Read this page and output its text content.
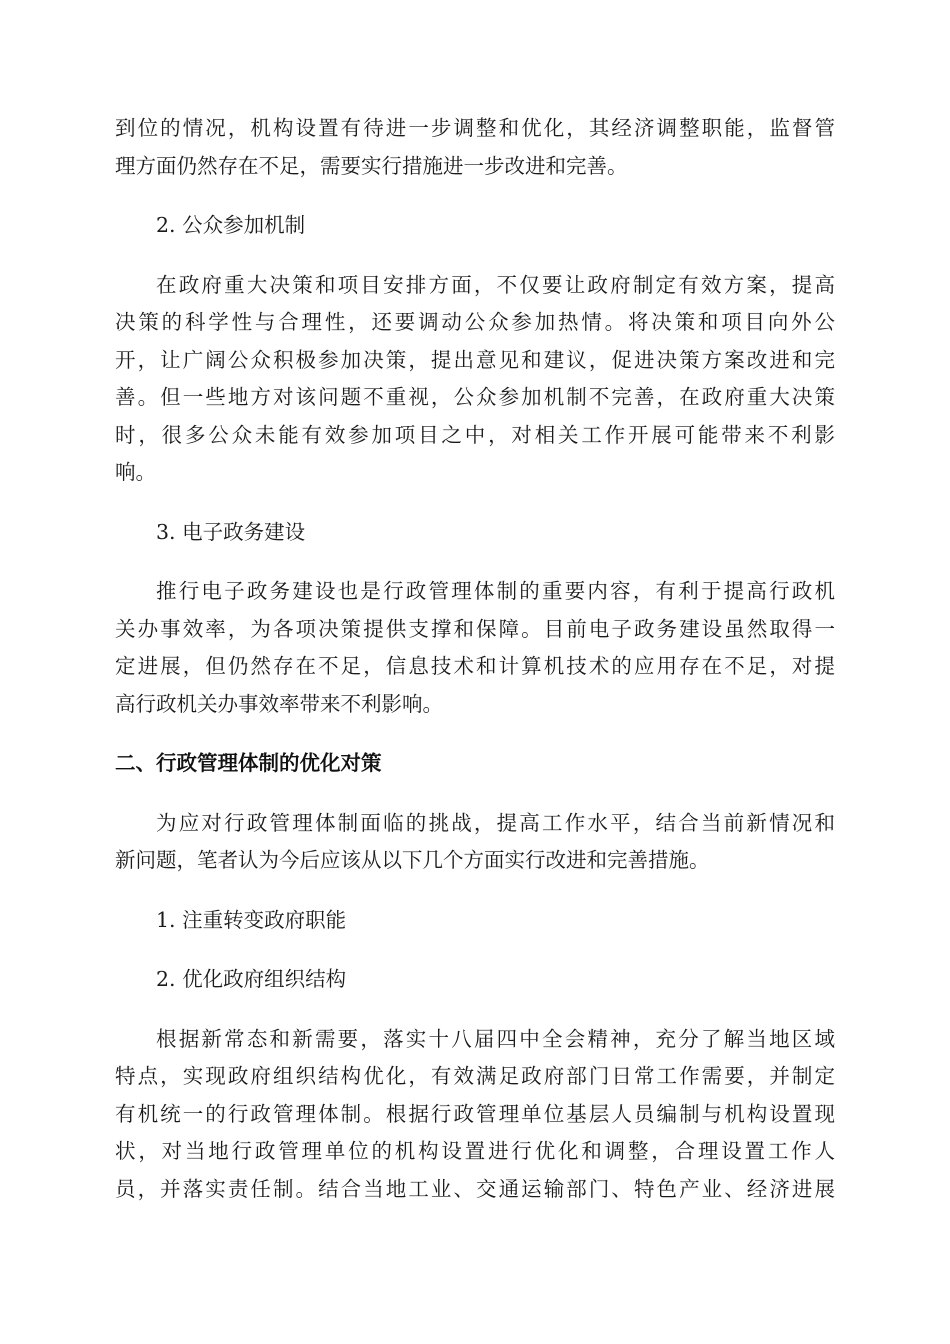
到位的情况，机构设置有待进一步调整和优化，其经济调整职能，监督管
理方面仍然存在不足，需要实行措施进一步改进和完善。

2. 公众参加机制

在政府重大决策和项目安排方面，不仅要让政府制定有效方案，提高
决策的科学性与合理性，还要调动公众参加热情。将决策和项目向外公
开，让广阔公众积极参加决策，提出意见和建议，促进决策方案改进和完
善。但一些地方对该问题不重视，公众参加机制不完善，在政府重大决策
时，很多公众未能有效参加项目之中，对相关工作开展可能带来不利影
响。

3. 电子政务建设

推行电子政务建设也是行政管理体制的重要内容，有利于提高行政机
关办事效率，为各项决策提供支撑和保障。目前电子政务建设虽然取得一
定进展，但仍然存在不足，信息技术和计算机技术的应用存在不足，对提
高行政机关办事效率带来不利影响。

二、行政管理体制的优化对策

为应对行政管理体制面临的挑战，提高工作水平，结合当前新情况和
新问题，笔者认为今后应该从以下几个方面实行改进和完善措施。

1. 注重转变政府职能

2. 优化政府组织结构

根据新常态和新需要，落实十八届四中全会精神，充分了解当地区域
特点，实现政府组织结构优化，有效满足政府部门日常工作需要，并制定
有机统一的行政管理体制。根据行政管理单位基层人员编制与机构设置现
状，对当地行政管理单位的机构设置进行优化和调整，合理设置工作人
员，并落实责任制。结合当地工业、交通运输部门、特色产业、经济进展
